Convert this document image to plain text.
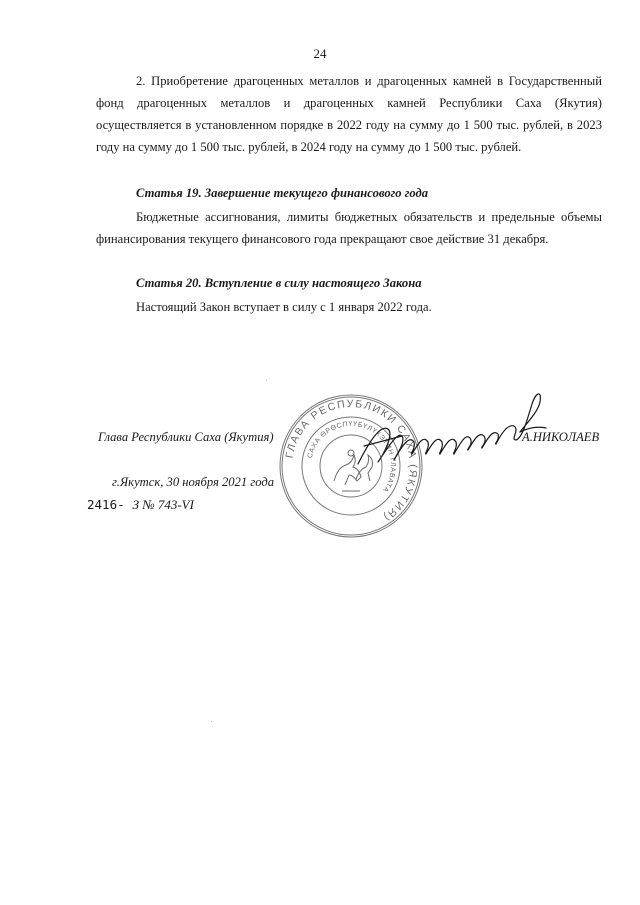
24

2. Приобретение драгоценных металлов и драгоценных камней в Государственный фонд драгоценных металлов и драгоценных камней Республики Саха (Якутия) осуществляется в установленном порядке в 2022 году на сумму до 1 500 тыс. рублей, в 2023 году на сумму до 1 500 тыс. рублей, в 2024 году на сумму до 1 500 тыс. рублей.

Статья 19. Завершение текущего финансового года

Бюджетные ассигнования, лимиты бюджетных обязательств и предельные объемы финансирования текущего финансового года прекращают свое действие 31 декабря.

Статья 20. Вступление в силу настоящего Закона

Настоящий Закон вступает в силу с 1 января 2022 года.

ГЛАВА РЕСПУБЛИКИ САХА (ЯКУТИЯ)
САХА ӨРӨСПҮҮБҮЛҮКЭТИН ГЛАВАТА
Глава Республики Саха (Якутия)	А.НИКОЛАЕВ
г.Якутск, 30 ноября 2021 года
2416- З № 743-VI
